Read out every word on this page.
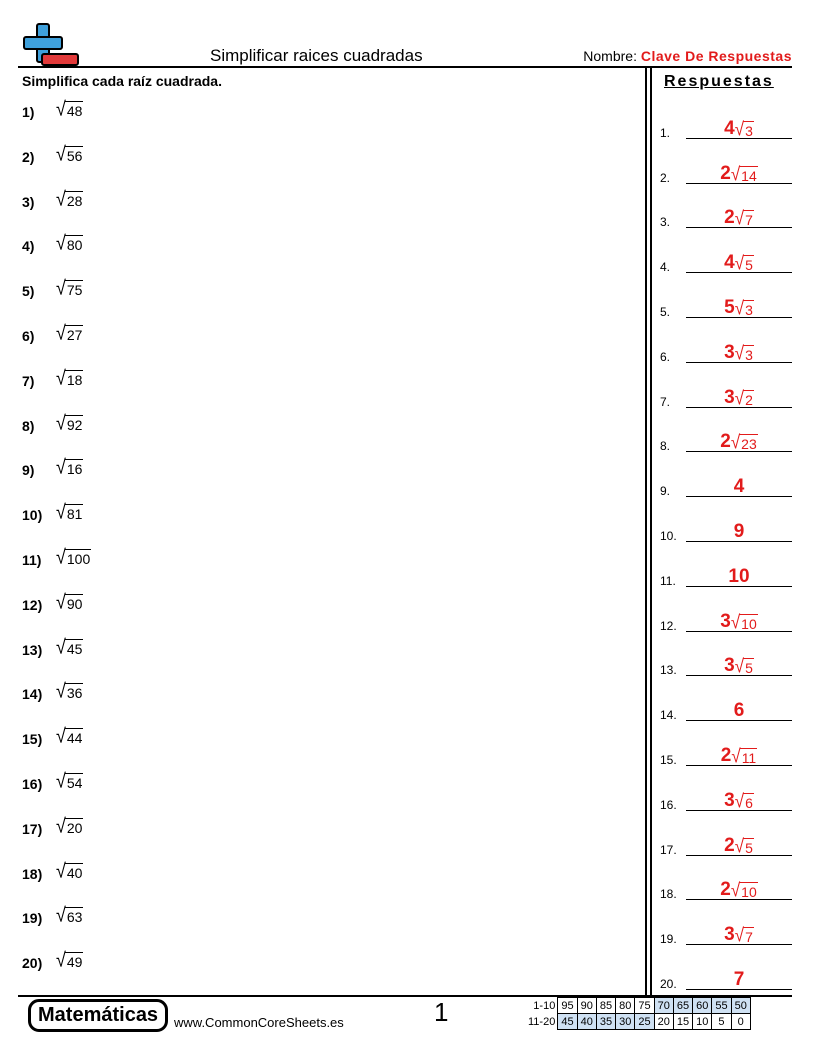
Simplificar raices cuadradas	Nombre: Clave De Respuestas
Simplifica cada raíz cuadrada.
1)	√ 48
2)	√ 56
3)	√ 28
4)	√ 80
5)	√ 75
6)	√ 27
7)	√ 18
8)	√ 92
9)	√ 16
10) √ 81
11) √ 100
12) √ 90
13) √ 45
14) √ 36
15) √ 44
16) √ 54
17) √ 20
18) √ 40
19) √ 63
20) √ 49
Respuestas
1.	4 √ 3
2.	2 √ 14
3.	2 √ 7
4.	4 √ 5
5.	5 √ 3
6.	3 √ 3
7.	3 √ 2
8.	2 √ 23
9.	4
10.	9
11.	10
12.	3 √ 10
13.	3 √ 5
14.	6
15.	2 √ 11
16.	3 √ 6
17.	2 √ 5
18.	2 √ 10
19.	3 √ 7
20.	7
Matemáticas	www.CommonCoreSheets.es	1	1-10	95	90	85	80	75	70	65	60	55	50
11-20	45	40	35	30	25	20	15	10	5	0
